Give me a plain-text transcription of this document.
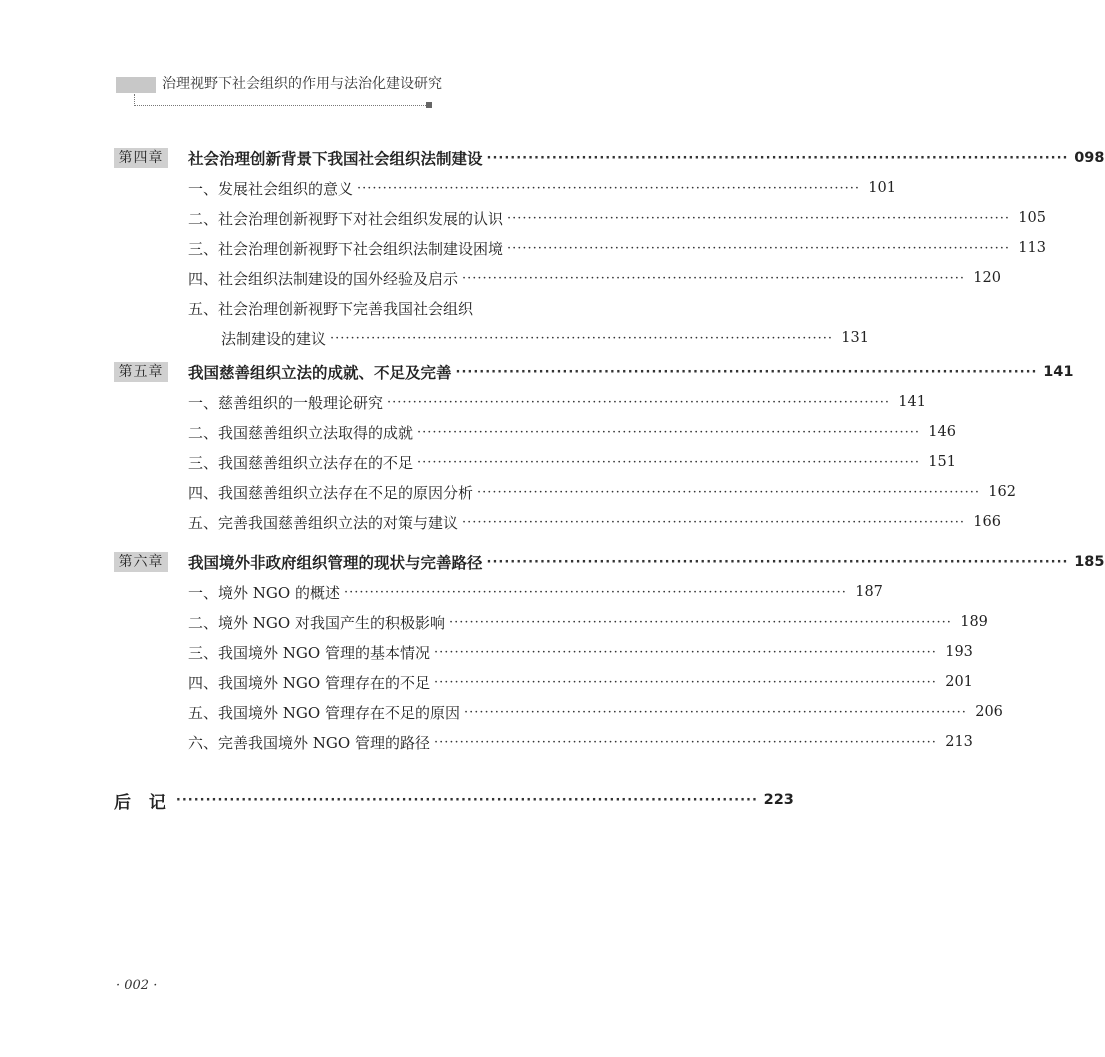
治理视野下社会组织的作用与法治化建设研究
第四章 社会治理创新背景下我国社会组织法制建设 ·································································································· 098
一、发展社会组织的意义 ·································································································· 101
二、社会治理创新视野下对社会组织发展的认识 ·································································································· 105
三、社会治理创新视野下社会组织法制建设困境 ·································································································· 113
四、社会组织法制建设的国外经验及启示 ·································································································· 120
五、社会治理创新视野下完善我国社会组织
法制建设的建议 ·································································································· 131
第五章 我国慈善组织立法的成就、不足及完善 ·································································································· 141
一、慈善组织的一般理论研究 ·································································································· 141
二、我国慈善组织立法取得的成就 ·································································································· 146
三、我国慈善组织立法存在的不足 ·································································································· 151
四、我国慈善组织立法存在不足的原因分析 ·································································································· 162
五、完善我国慈善组织立法的对策与建议 ·································································································· 166
第六章 我国境外非政府组织管理的现状与完善路径 ·································································································· 185
一、境外 NGO 的概述 ·································································································· 187
二、境外 NGO 对我国产生的积极影响 ·································································································· 189
三、我国境外 NGO 管理的基本情况 ·································································································· 193
四、我国境外 NGO 管理存在的不足 ·································································································· 201
五、我国境外 NGO 管理存在不足的原因 ·································································································· 206
六、完善我国境外 NGO 管理的路径 ·································································································· 213
后 记 ·································································································· 223
· 002 ·
